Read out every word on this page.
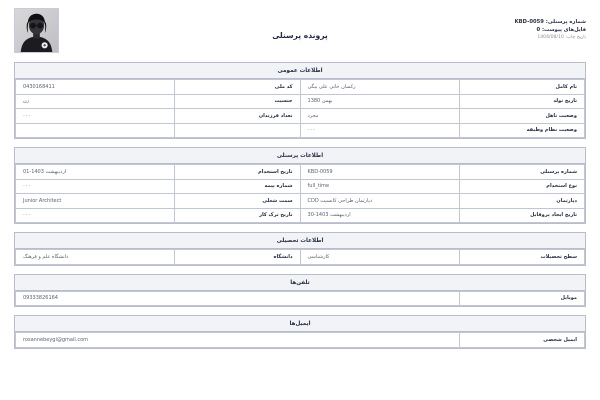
شماره پرسنلی: KBD-0059
فایل‌های پیوست: 0
تاریخ چاپ: 1404/08/10
پرونده پرسنلی
اطلاعات عمومی
نام کامل	رکسان خانی علی بیگی	کد ملی	0430168411
تاریخ تولد	بهمن 1380	جنسیت	زن
وضعیت تاهل	مجرد	تعداد فرزندان	---
وضعیت نظام وظیفه	---		
اطلاعات پرسنلی
شماره پرسنلی	KBD-0059	تاریخ استخدام	اردیبهشت 1403-01
نوع استخدام	full_time	شماره بیمه	---
دپارتمان	دپارتمان طراحی کانسپت CDD	سمت شغلی	Junior Architect
تاریخ ایجاد پروفایل	اردیبهشت 1403-30	تاریخ ترک کار	---
اطلاعات تحصیلی
سطح تحصیلات	کارشناسی	دانشگاه	دانشگاه علم و فرهنگ
تلفن‌ها
موبایل	09333826164
ایمیل‌ها
ایمیل شخصی	rosannebeygi@gmail.com
